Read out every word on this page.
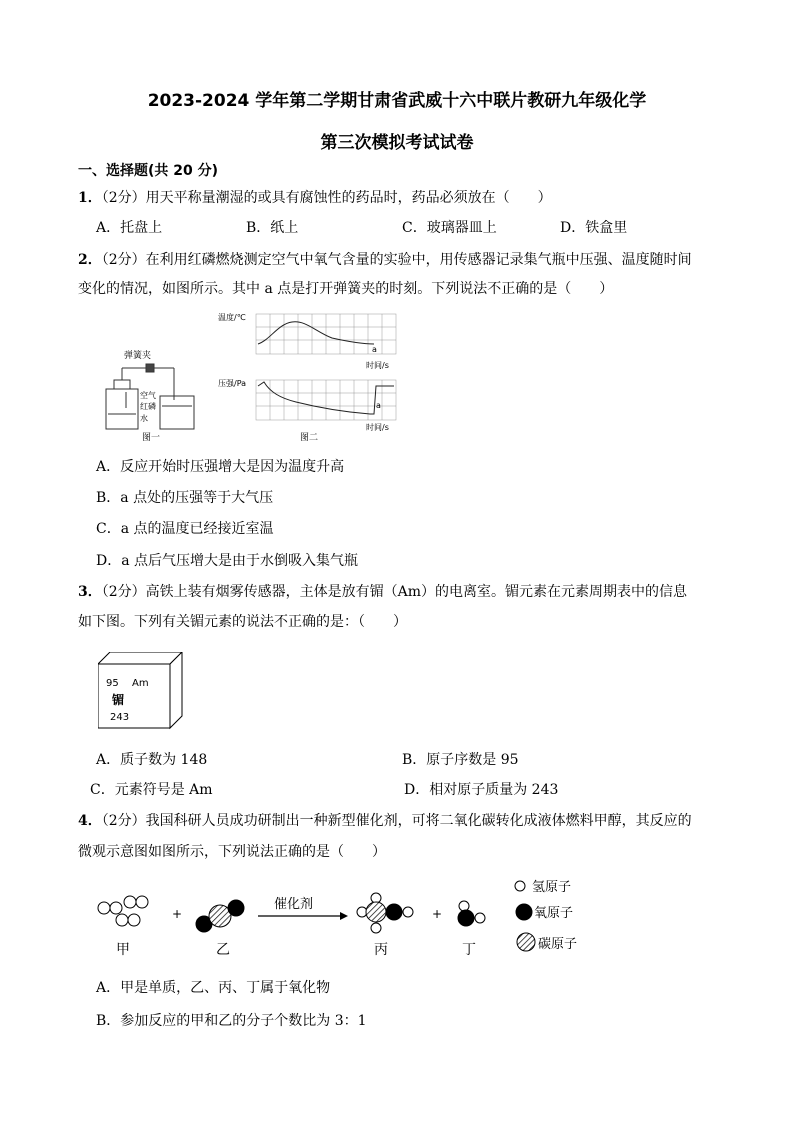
2023-2024 学年第二学期甘肃省武威十六中联片教研九年级化学
第三次模拟考试试卷
一、选择题(共 20 分)
1．（2分）用天平称量潮湿的或具有腐蚀性的药品时，药品必须放在（　　）
A．托盘上	B．纸上	C．玻璃器皿上	D．铁盒里
2．（2分）在利用红磷燃烧测定空气中氧气含量的实验中，用传感器记录集气瓶中压强、温度随时间
变化的情况，如图所示。其中 a 点是打开弹簧夹的时刻。下列说法不正确的是（　　）
弹簧夹
空气
红磷
水
图一
温度/℃
a
时间/s
压强/Pa
a
时间/s
图二
A．反应开始时压强增大是因为温度升高
B．a 点处的压强等于大气压
C．a 点的温度已经接近室温
D．a 点后气压增大是由于水倒吸入集气瓶
3．（2分）高铁上装有烟雾传感器，主体是放有镅（Am）的电离室。镅元素在元素周期表中的信息
如下图。下列有关镅元素的说法不正确的是：（　　）
95 Am
镅
243
A．质子数为 148	B．原子序数是 95
C．元素符号是 Am	D．相对原子质量为 243
4．（2分）我国科研人员成功研制出一种新型催化剂，可将二氧化碳转化成液体燃料甲醇，其反应的
微观示意图如图所示，下列说法正确的是（　　）
+
催化剂
+
甲	乙	丙	丁
氢原子
氧原子
碳原子
A．甲是单质，乙、丙、丁属于氧化物
B．参加反应的甲和乙的分子个数比为 3：1
